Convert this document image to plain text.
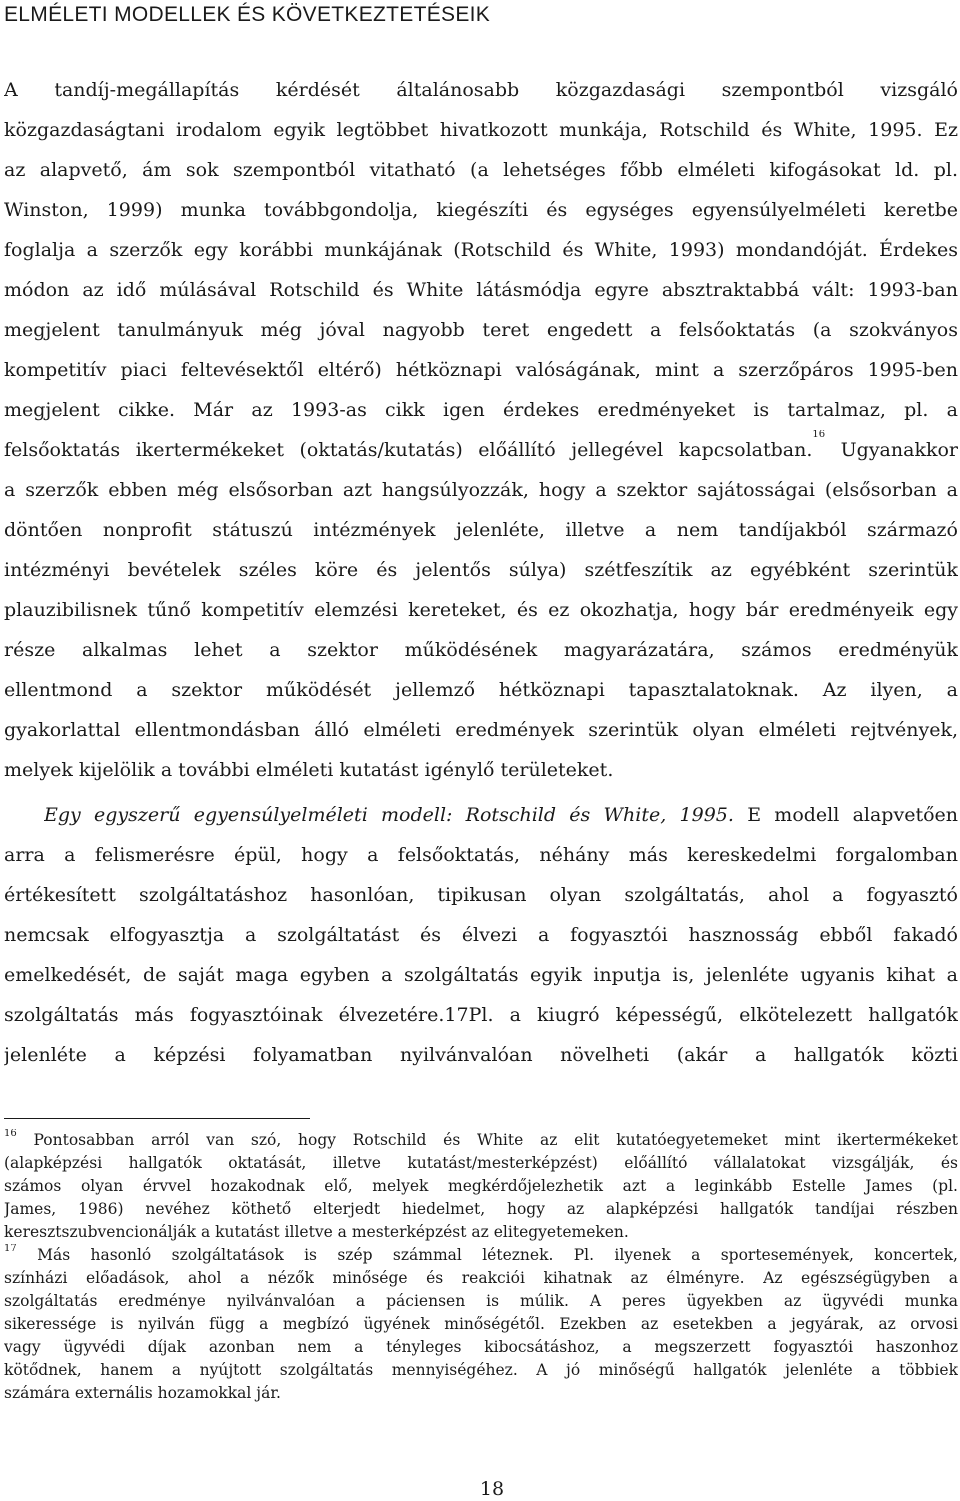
ELMÉLETI MODELLEK ÉS KÖVETKEZTETÉSEIK
A tandíj-megállapítás kérdését általánosabb közgazdasági szempontból vizsgáló
közgazdaságtani irodalom egyik legtöbbet hivatkozott munkája, Rotschild és White, 1995. Ez
az alapvető, ám sok szempontból vitatható (a lehetséges főbb elméleti kifogásokat ld. pl.
Winston, 1999) munka továbbgondolja, kiegészíti és egységes egyensúlyelméleti keretbe
foglalja a szerzők egy korábbi munkájának (Rotschild és White, 1993) mondandóját. Érdekes
módon az idő múlásával Rotschild és White látásmódja egyre absztraktabbá vált: 1993-ban
megjelent tanulmányuk még jóval nagyobb teret engedett a felsőoktatás (a szokványos
kompetitív piaci feltevésektől eltérő) hétköznapi valóságának, mint a szerzőpáros 1995-ben
megjelent cikke. Már az 1993-as cikk igen érdekes eredményeket is tartalmaz, pl. a
felsőoktatás ikertermékeket (oktatás/kutatás) előállító jellegével kapcsolatban.$^{16}$ Ugyanakkor
a szerzők ebben még elsősorban azt hangsúlyozzák, hogy a szektor sajátosságai (elsősorban a
döntően nonprofit státuszú intézmények jelenléte, illetve a nem tandíjakból származó
intézményi bevételek széles köre és jelentős súlya) szétfeszítik az egyébként szerintük
plauzibilisnek tűnő kompetitív elemzési kereteket, és ez okozhatja, hogy bár eredményeik egy
része alkalmas lehet a szektor működésének magyarázatára, számos eredményük
ellentmond a szektor működését jellemző hétköznapi tapasztalatoknak. Az ilyen, a
gyakorlattal ellentmondásban álló elméleti eredmények szerintük olyan elméleti rejtvények,
melyek kijelölik a további elméleti kutatást igénylő területeket.
Egy egyszerű egyensúlyelméleti modell: Rotschild és White, 1995. E modell alapvetően
arra a felismerésre épül, hogy a felsőoktatás, néhány más kereskedelmi forgalomban
értékesített szolgáltatáshoz hasonlóan, tipikusan olyan szolgáltatás, ahol a fogyasztó
nemcsak elfogyasztja a szolgáltatást és élvezi a fogyasztói hasznosság ebből fakadó
emelkedését, de saját maga egyben a szolgáltatás egyik inputja is, jelenléte ugyanis kihat a
szolgáltatás más fogyasztóinak élvezetére.17Pl. a kiugró képességű, elkötelezett hallgatók
jelenléte a képzési folyamatban nyilvánvalóan növelheti (akár a hallgatók közti
$^{16}$ Pontosabban arról van szó, hogy Rotschild és White az elit kutatóegyetemeket mint ikertermékeket
(alapképzési hallgatók oktatását, illetve kutatást/mesterképzést) előállító vállalatokat vizsgálják, és
számos olyan érvvel hozakodnak elő, melyek megkérdőjelezhetik azt a leginkább Estelle James (pl.
James, 1986) nevéhez köthető elterjedt hiedelmet, hogy az alapképzési hallgatók tandíjai részben
keresztszubvencionálják a kutatást illetve a mesterképzést az elitegyetemeken.
$^{17}$ Más hasonló szolgáltatások is szép számmal léteznek. Pl. ilyenek a sportesemények, koncertek,
színházi előadások, ahol a nézők minősége és reakciói kihatnak az élményre. Az egészségügyben a
szolgáltatás eredménye nyilvánvalóan a páciensen is múlik. A peres ügyekben az ügyvédi munka
sikeressége is nyilván függ a megbízó ügyének minőségétől. Ezekben az esetekben a jegyárak, az orvosi
vagy ügyvédi díjak azonban nem a tényleges kibocsátáshoz, a megszerzett fogyasztói haszonhoz
kötődnek, hanem a nyújtott szolgáltatás mennyiségéhez. A jó minőségű hallgatók jelenléte a többiek
számára externális hozamokkal jár.
18
